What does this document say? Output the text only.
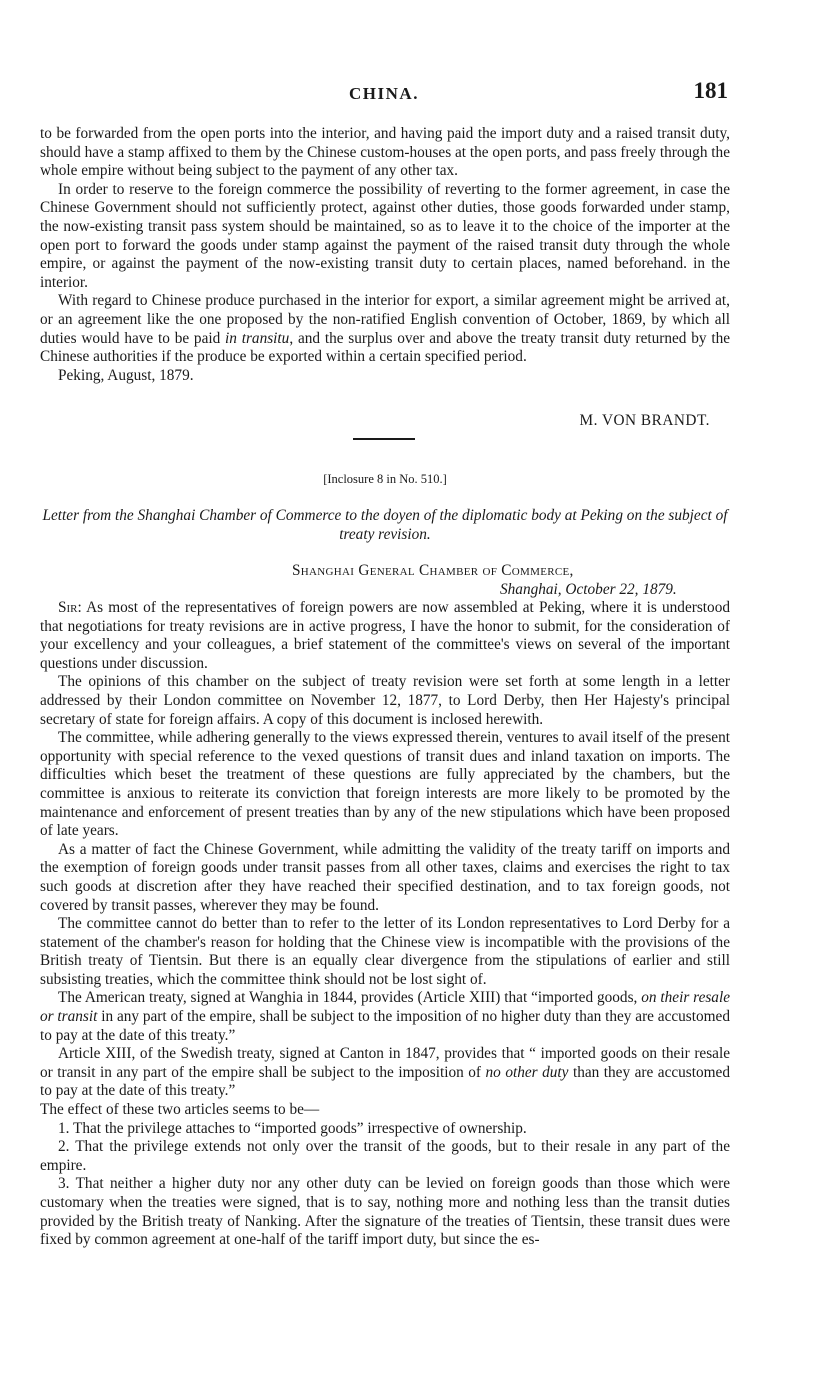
CHINA.	181

to be forwarded from the open ports into the interior, and having paid the import duty and a raised transit duty, should have a stamp affixed to them by the Chinese custom-houses at the open ports, and pass freely through the whole empire without being subject to the payment of any other tax.

In order to reserve to the foreign commerce the possibility of reverting to the former agreement, in case the Chinese Government should not sufficiently protect, against other duties, those goods forwarded under stamp, the now-existing transit pass system should be maintained, so as to leave it to the choice of the importer at the open port to forward the goods under stamp against the payment of the raised transit duty through the whole empire, or against the payment of the now-existing transit duty to certain places, named beforehand. in the interior.

With regard to Chinese produce purchased in the interior for export, a similar agreement might be arrived at, or an agreement like the one proposed by the non-ratified English convention of October, 1869, by which all duties would have to be paid in transitu, and the surplus over and above the treaty transit duty returned by the Chinese authorities if the produce be exported within a certain specified period.

Peking, August, 1879.

M. VON BRANDT.
[Inclosure 8 in No. 510.]
Letter from the Shanghai Chamber of Commerce to the doyen of the diplomatic body at Peking on the subject of treaty revision.
Shanghai General Chamber of Commerce,
Shanghai, October 22, 1879.

Sir: As most of the representatives of foreign powers are now assembled at Peking, where it is understood that negotiations for treaty revisions are in active progress, I have the honor to submit, for the consideration of your excellency and your colleagues, a brief statement of the committee's views on several of the important questions under discussion.

The opinions of this chamber on the subject of treaty revision were set forth at some length in a letter addressed by their London committee on November 12, 1877, to Lord Derby, then Her Hajesty's principal secretary of state for foreign affairs. A copy of this document is inclosed herewith.

The committee, while adhering generally to the views expressed therein, ventures to avail itself of the present opportunity with special reference to the vexed questions of transit dues and inland taxation on imports. The difficulties which beset the treatment of these questions are fully appreciated by the chambers, but the committee is anxious to reiterate its conviction that foreign interests are more likely to be promoted by the maintenance and enforcement of present treaties than by any of the new stipulations which have been proposed of late years.

As a matter of fact the Chinese Government, while admitting the validity of the treaty tariff on imports and the exemption of foreign goods under transit passes from all other taxes, claims and exercises the right to tax such goods at discretion after they have reached their specified destination, and to tax foreign goods, not covered by transit passes, wherever they may be found.

The committee cannot do better than to refer to the letter of its London representatives to Lord Derby for a statement of the chamber's reason for holding that the Chinese view is incompatible with the provisions of the British treaty of Tientsin. But there is an equally clear divergence from the stipulations of earlier and still subsisting treaties, which the committee think should not be lost sight of.

The American treaty, signed at Wanghia in 1844, provides (Article XIII) that “imported goods, on their resale or transit in any part of the empire, shall be subject to the imposition of no higher duty than they are accustomed to pay at the date of this treaty.”

Article XIII, of the Swedish treaty, signed at Canton in 1847, provides that “ imported goods on their resale or transit in any part of the empire shall be subject to the imposition of no other duty than they are accustomed to pay at the date of this treaty.”

The effect of these two articles seems to be—

1. That the privilege attaches to “imported goods” irrespective of ownership.

2. That the privilege extends not only over the transit of the goods, but to their resale in any part of the empire.

3. That neither a higher duty nor any other duty can be levied on foreign goods than those which were customary when the treaties were signed, that is to say, nothing more and nothing less than the transit duties provided by the British treaty of Nanking. After the signature of the treaties of Tientsin, these transit dues were fixed by common agreement at one-half of the tariff import duty, but since the es-
